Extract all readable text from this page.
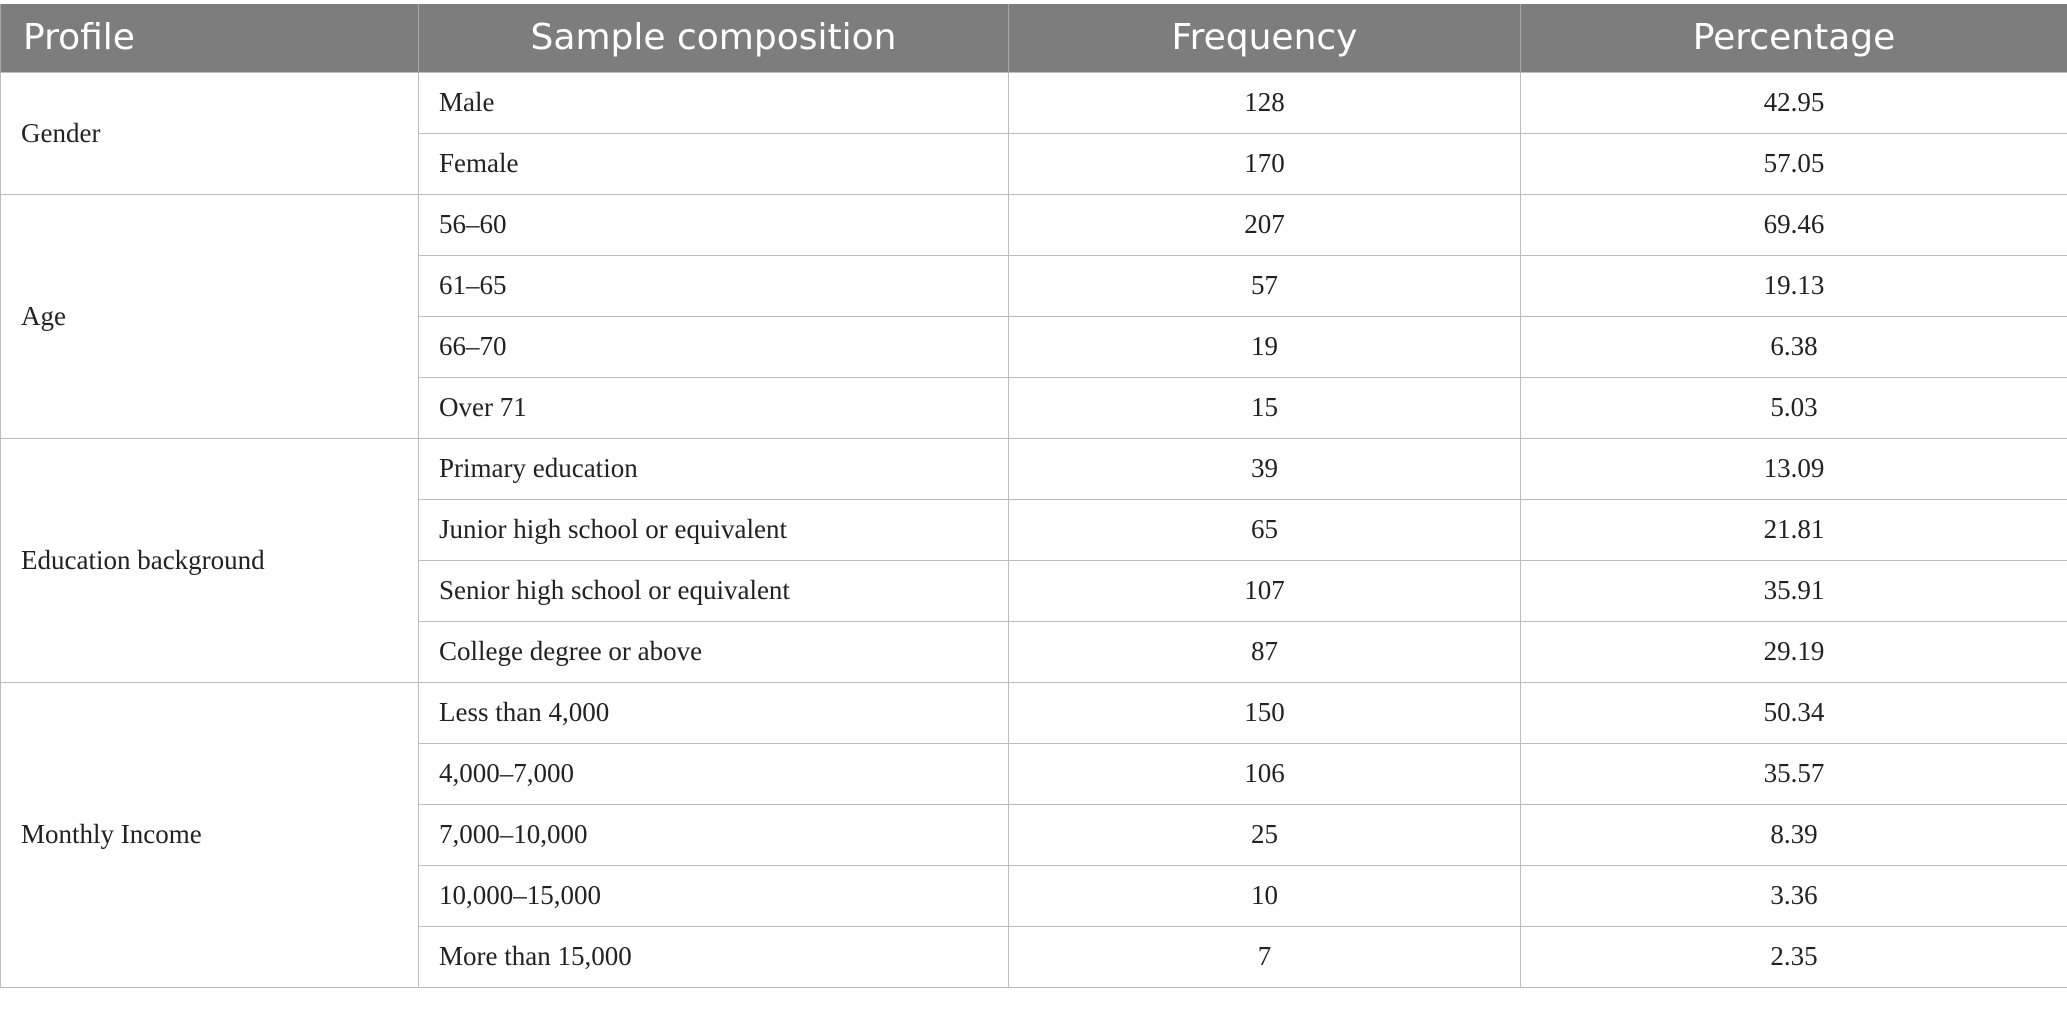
Profile	Sample composition	Frequency	Percentage
Gender	Male	128	42.95
	Female	170	57.05
Age	56–60	207	69.46
	61–65	57	19.13
	66–70	19	6.38
	Over 71	15	5.03
Education background	Primary education	39	13.09
	Junior high school or equivalent	65	21.81
	Senior high school or equivalent	107	35.91
	College degree or above	87	29.19
Monthly Income	Less than 4,000	150	50.34
	4,000–7,000	106	35.57
	7,000–10,000	25	8.39
	10,000–15,000	10	3.36
	More than 15,000	7	2.35
